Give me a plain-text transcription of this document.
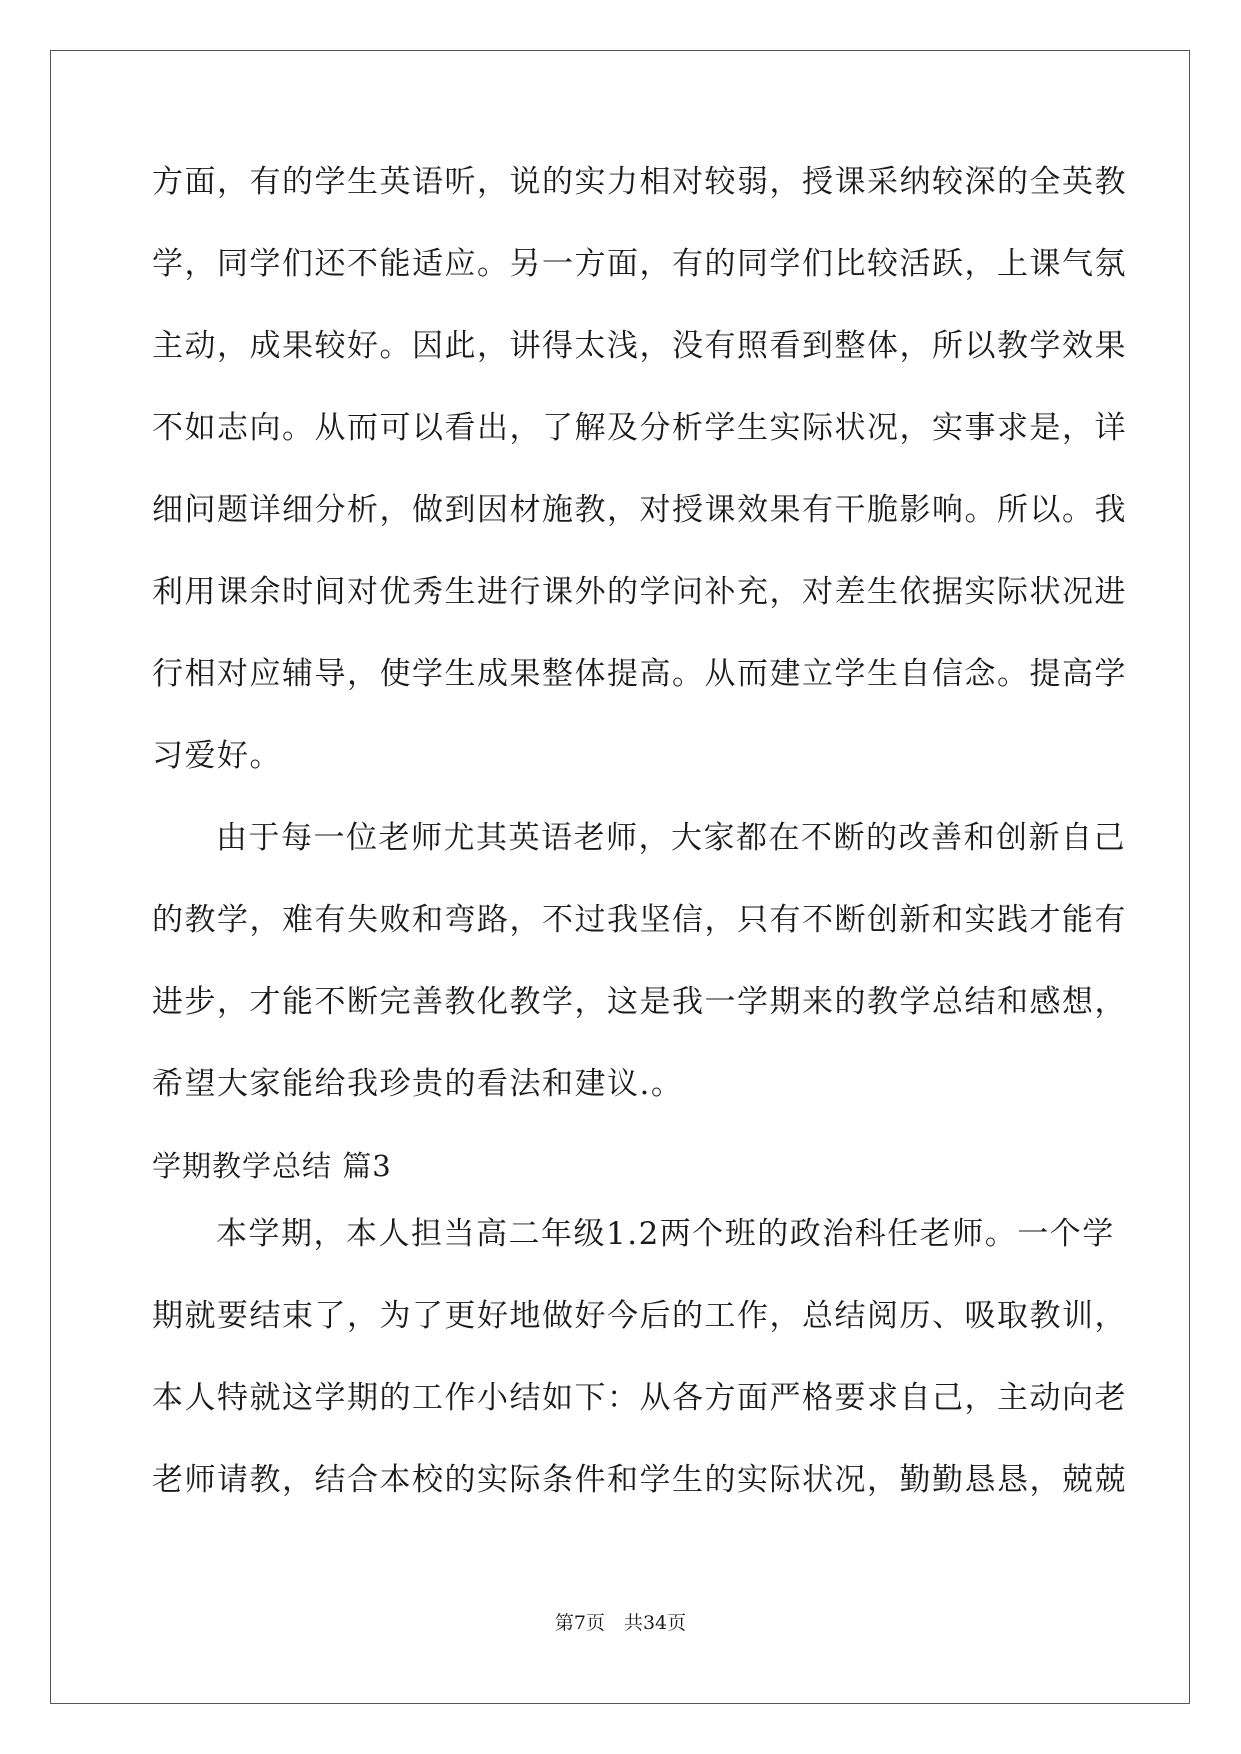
方面，有的学生英语听，说的实力相对较弱，授课采纳较深的全英教
学，同学们还不能适应。另一方面，有的同学们比较活跃，上课气氛
主动，成果较好。因此，讲得太浅，没有照看到整体，所以教学效果
不如志向。从而可以看出，了解及分析学生实际状况，实事求是，详
细问题详细分析，做到因材施教，对授课效果有干脆影响。所以。我
利用课余时间对优秀生进行课外的学问补充，对差生依据实际状况进
行相对应辅导，使学生成果整体提高。从而建立学生自信念。提高学
习爱好。
由于每一位老师尤其英语老师，大家都在不断的改善和创新自己
的教学，难有失败和弯路，不过我坚信，只有不断创新和实践才能有
进步，才能不断完善教化教学，这是我一学期来的教学总结和感想，
希望大家能给我珍贵的看法和建议.。
学期教学总结 篇3
本学期，本人担当高二年级1.2两个班的政治科任老师。一个学
期就要结束了，为了更好地做好今后的工作，总结阅历、吸取教训，
本人特就这学期的工作小结如下：从各方面严格要求自己，主动向老
老师请教，结合本校的实际条件和学生的实际状况，勤勤恳恳，兢兢
第7页　共34页
